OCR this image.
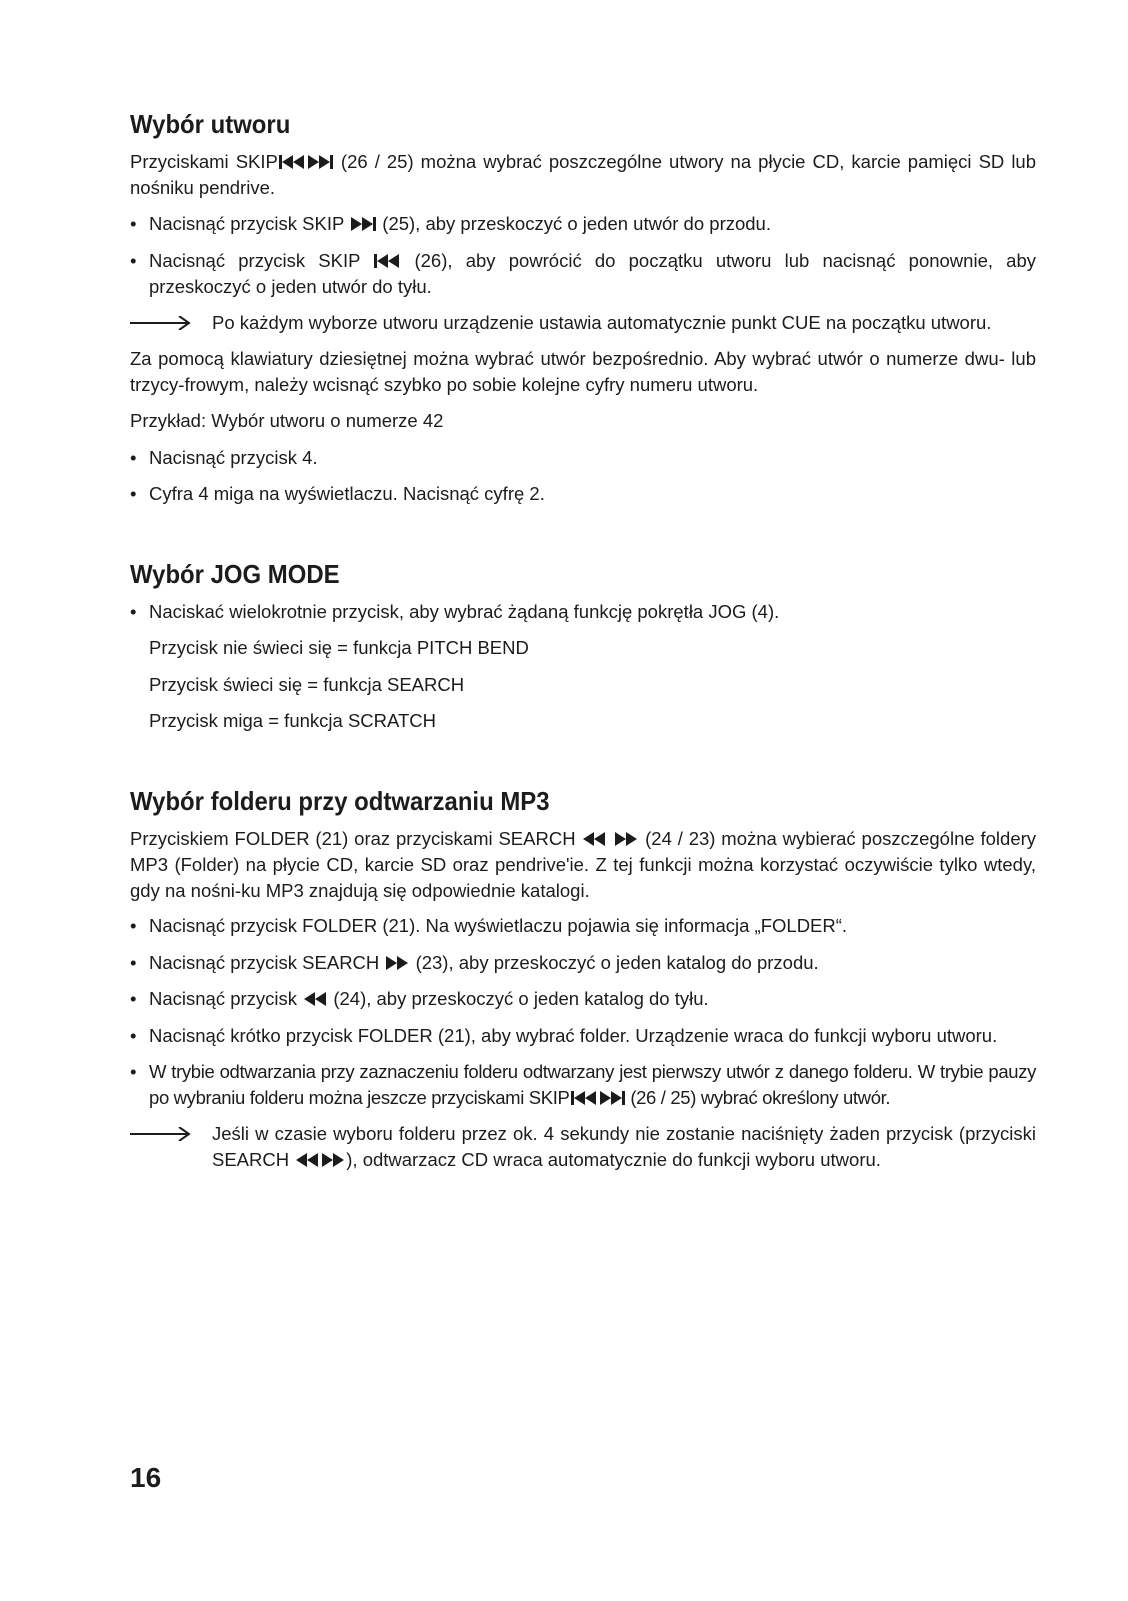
Wybór utworu

Przyciskami SKIP	(26 / 25) można wybrać poszczególne utwory na płycie CD, karcie pamięci SD lub nośniku pendrive.

• Nacisnąć przycisk SKIP (25), aby przeskoczyć o jeden utwór do przodu.
• Nacisnąć przycisk SKIP	(26), aby powrócić do początku utworu lub nacisnąć ponownie, aby przeskoczyć o jeden utwór do tyłu.
Po każdym wyborze utworu urządzenie ustawia automatycznie punkt CUE na początku utworu.

Za pomocą klawiatury dziesiętnej można wybrać utwór bezpośrednio. Aby wybrać utwór o numerze dwu- lub trzycy-frowym, należy wcisnąć szybko po sobie kolejne cyfry numeru utworu.

Przykład: Wybór utworu o numerze 42

• Nacisnąć przycisk 4.
• Cyfra 4 miga na wyświetlaczu. Nacisnąć cyfrę 2.
Wybór JOG MODE
• Naciskać wielokrotnie przycisk, aby wybrać żądaną funkcję pokrętła JOG (4).
Przycisk nie świeci się = funkcja PITCH BEND
Przycisk świeci się = funkcja SEARCH
Przycisk miga = funkcja SCRATCH
Wybór folderu przy odtwarzaniu MP3

Przyciskiem FOLDER (21) oraz przyciskami SEARCH	(24 / 23) można wybierać poszczególne foldery MP3 (Folder) na płycie CD, karcie SD oraz pendrive'ie. Z tej funkcji można korzystać oczywiście tylko wtedy, gdy na nośni-ku MP3 znajdują się odpowiednie katalogi.

• Nacisnąć przycisk FOLDER (21). Na wyświetlaczu pojawia się informacja „FOLDER“.
• Nacisnąć przycisk SEARCH (23), aby przeskoczyć o jeden katalog do przodu.
• Nacisnąć przycisk (24), aby przeskoczyć o jeden katalog do tyłu.
• Nacisnąć krótko przycisk FOLDER (21), aby wybrać folder. Urządzenie wraca do funkcji wyboru utworu.
• W trybie odtwarzania przy zaznaczeniu folderu odtwarzany jest pierwszy utwór z danego folderu. W trybie pauzy po wybraniu folderu można jeszcze przyciskami SKIP	(26 / 25) wybrać określony utwór.
Jeśli w czasie wyboru folderu przez ok. 4 sekundy nie zostanie naciśnięty żaden przycisk (przyciski SEARCH	), odtwarzacz CD wraca automatycznie do funkcji wyboru utworu.
16
